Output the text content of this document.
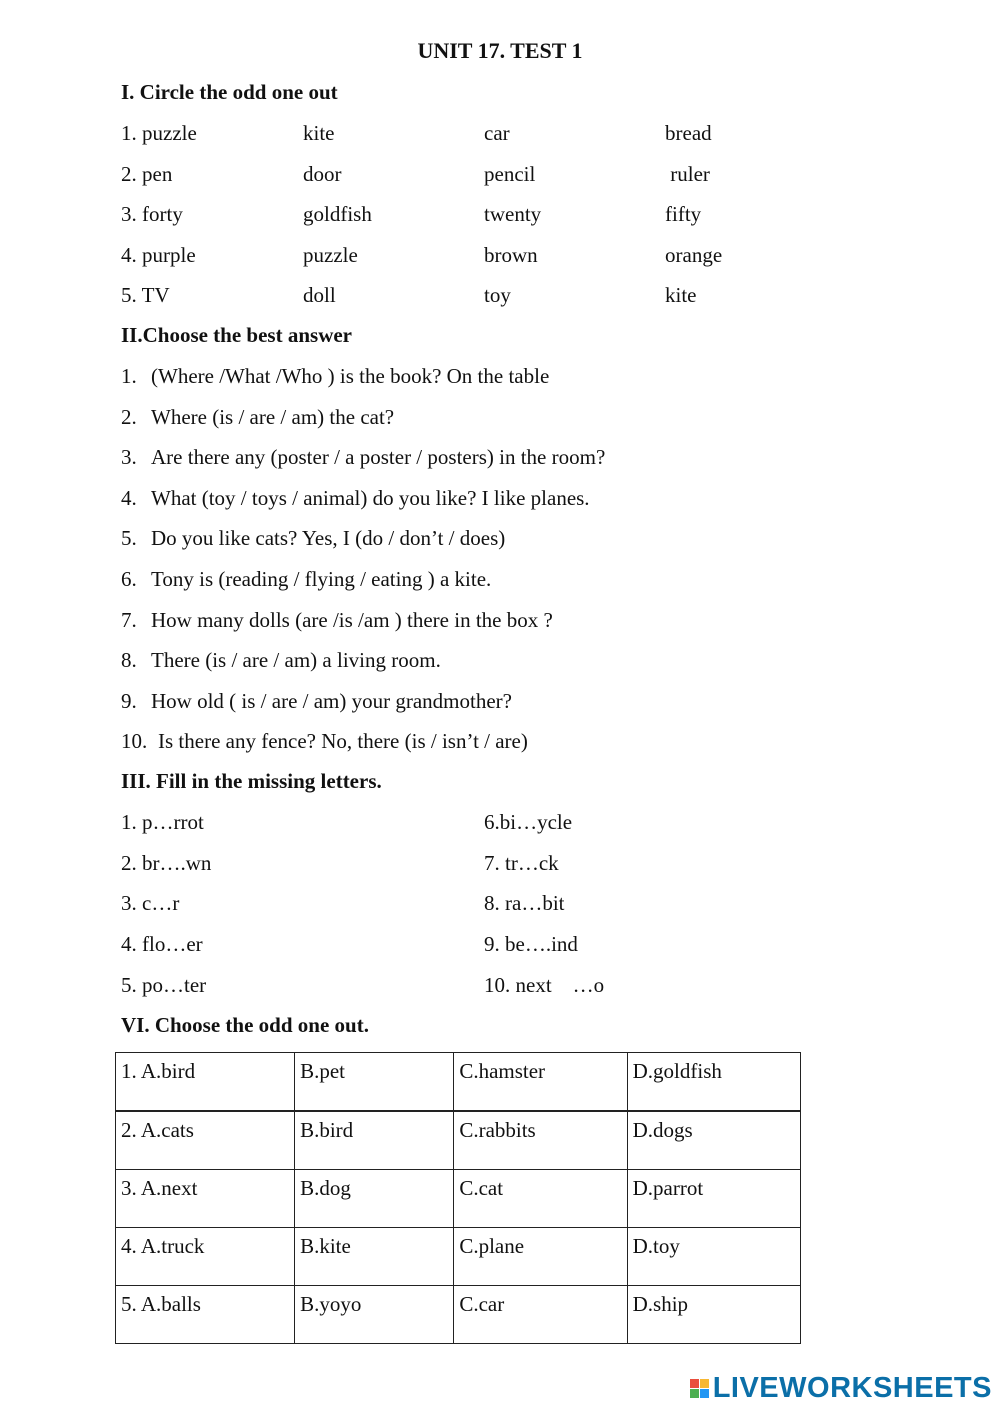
UNIT 17. TEST 1
I. Circle the odd one out
1. puzzle	kite	car	bread
2. pen	door	pencil	ruler
3. forty	goldfish	twenty	fifty
4. purple	puzzle	brown	orange
5. TV	doll	toy	kite
II.Choose the best answer
1. (Where /What /Who ) is the book? On the table
2. Where (is / are / am) the cat?
3. Are there any (poster / a poster / posters) in the room?
4. What (toy / toys / animal) do you like? I like planes.
5. Do you like cats? Yes, I (do / don’t / does)
6. Tony is (reading / flying / eating ) a kite.
7. How many dolls (are /is /am ) there in the box ?
8. There (is / are / am) a living room.
9. How old ( is / are / am) your grandmother?
10. Is there any fence? No, there (is / isn’t / are)
III. Fill in the missing letters.
1. p…rrot
2. br….wn
3. c…r
4. flo…er
5. po…ter
6.bi…ycle
7. tr…ck
8. ra…bit
9. be….ind
10. next    …o
VI. Choose the odd one out.
1. A.bird	B.pet	C.hamster	D.goldfish
2. A.cats	B.bird	C.rabbits	D.dogs
3. A.next	B.dog	C.cat	D.parrot
4. A.truck	B.kite	C.plane	D.toy
5. A.balls	B.yoyo	C.car	D.ship
LIVEWORKSHEETS
